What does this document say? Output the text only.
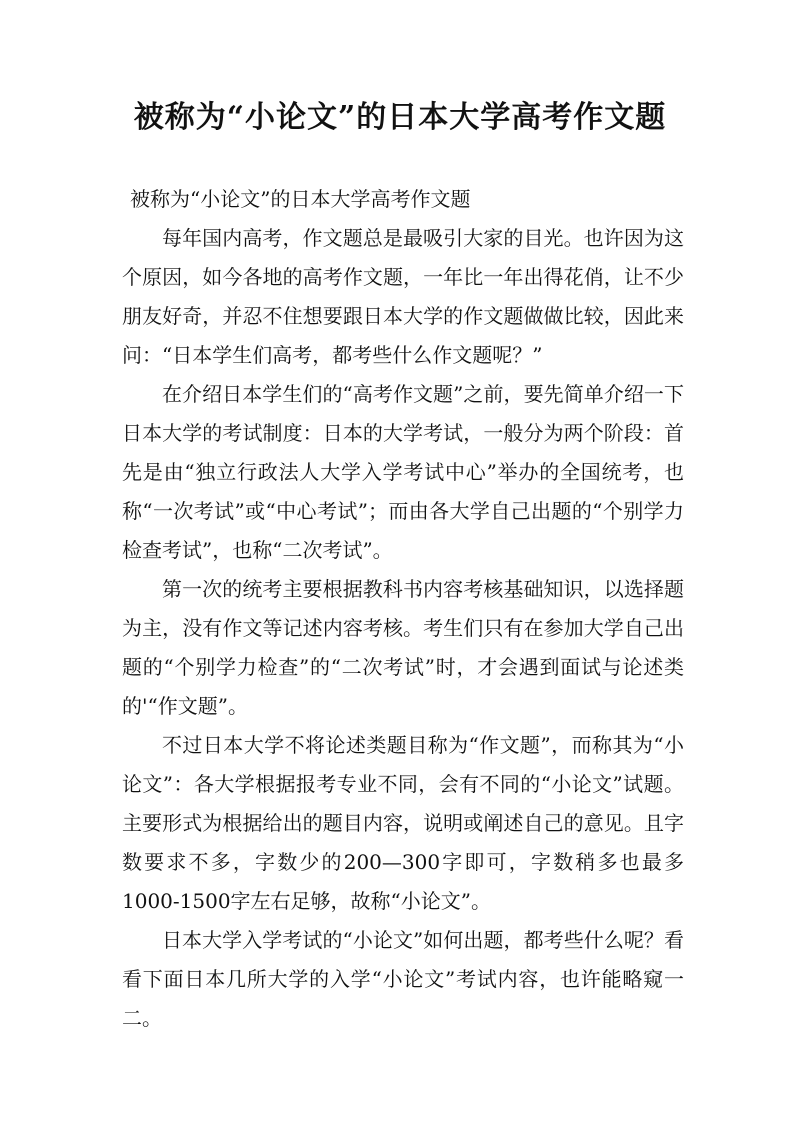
被称为“小论文”的日本大学高考作文题

被称为“小论文”的日本大学高考作文题

每年国内高考，作文题总是最吸引大家的目光。也许因为这个原因，如今各地的高考作文题，一年比一年出得花俏，让不少朋友好奇，并忍不住想要跟日本大学的作文题做做比较，因此来问：“日本学生们高考，都考些什么作文题呢？”

在介绍日本学生们的“高考作文题”之前，要先简单介绍一下日本大学的考试制度：日本的大学考试，一般分为两个阶段：首先是由“独立行政法人大学入学考试中心”举办的全国统考，也称“一次考试”或“中心考试”；而由各大学自己出题的“个别学力检查考试”，也称“二次考试”。

第一次的统考主要根据教科书内容考核基础知识，以选择题为主，没有作文等记述内容考核。考生们只有在参加大学自己出题的“个别学力检查”的“二次考试”时，才会遇到面试与论述类的'“作文题”。

不过日本大学不将论述类题目称为“作文题”，而称其为“小论文”：各大学根据报考专业不同，会有不同的“小论文”试题。主要形式为根据给出的题目内容，说明或阐述自己的意见。且字数要求不多，字数少的200—300字即可，字数稍多也最多1000-1500字左右足够，故称“小论文”。

日本大学入学考试的“小论文”如何出题，都考些什么呢？看看下面日本几所大学的入学“小论文”考试内容，也许能略窥一二。
